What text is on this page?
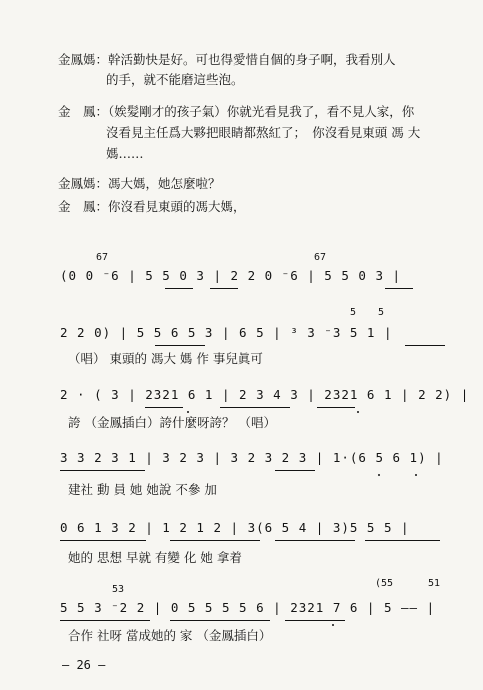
金鳳媽：幹活勤快是好。可也得愛惜自個的身子啊，我看別人
的手，就不能磨這些泡。
金　鳳：（娭髪剛才的孩子氣）你就光看見我了，看不見人家，你
沒看見主任爲大夥把眼睛都熬紅了；　你沒看見東頭 馮 大
媽……
金鳳媽：馮大媽，她怎麼啦？
金　鳳：你沒看見東頭的馮大媽，
67	67
(0 0 ⁻6 | 5 5 0 3 | 2 2 0 ⁻6 | 5 5 0 3 |
5 5
2 2 0) | 5 5 6 5 3 | 6 5 | ³ 3 ⁻3 5 1 |
（唱） 東頭的 馮大 媽 作 事兒眞可
2 · ( 3 | 2321 6 1 | 2 3 4 3 | 2321 6 1 | 2 2) |
誇 （金鳳插白）誇什麼呀誇？ （唱）
3 3 2 3 1 | 3 2 3 | 3 2 3 2 3 | 1·(6 5 6 1) |
建社 動 員 她 她說 不參 加
0 6 1 3 2 | 1 2 1 2 | 3(6 5 4 | 3)5 5 5 |
她的 思想 早就 有變 化 她 拿着
53
(55	51
5 5 3 ⁻2 2 | 0 5 5 5 5 6 | 2321 7 6 | 5 —— |
合作 社呀 當成她的 家 （金鳳插白）
— 26 —
